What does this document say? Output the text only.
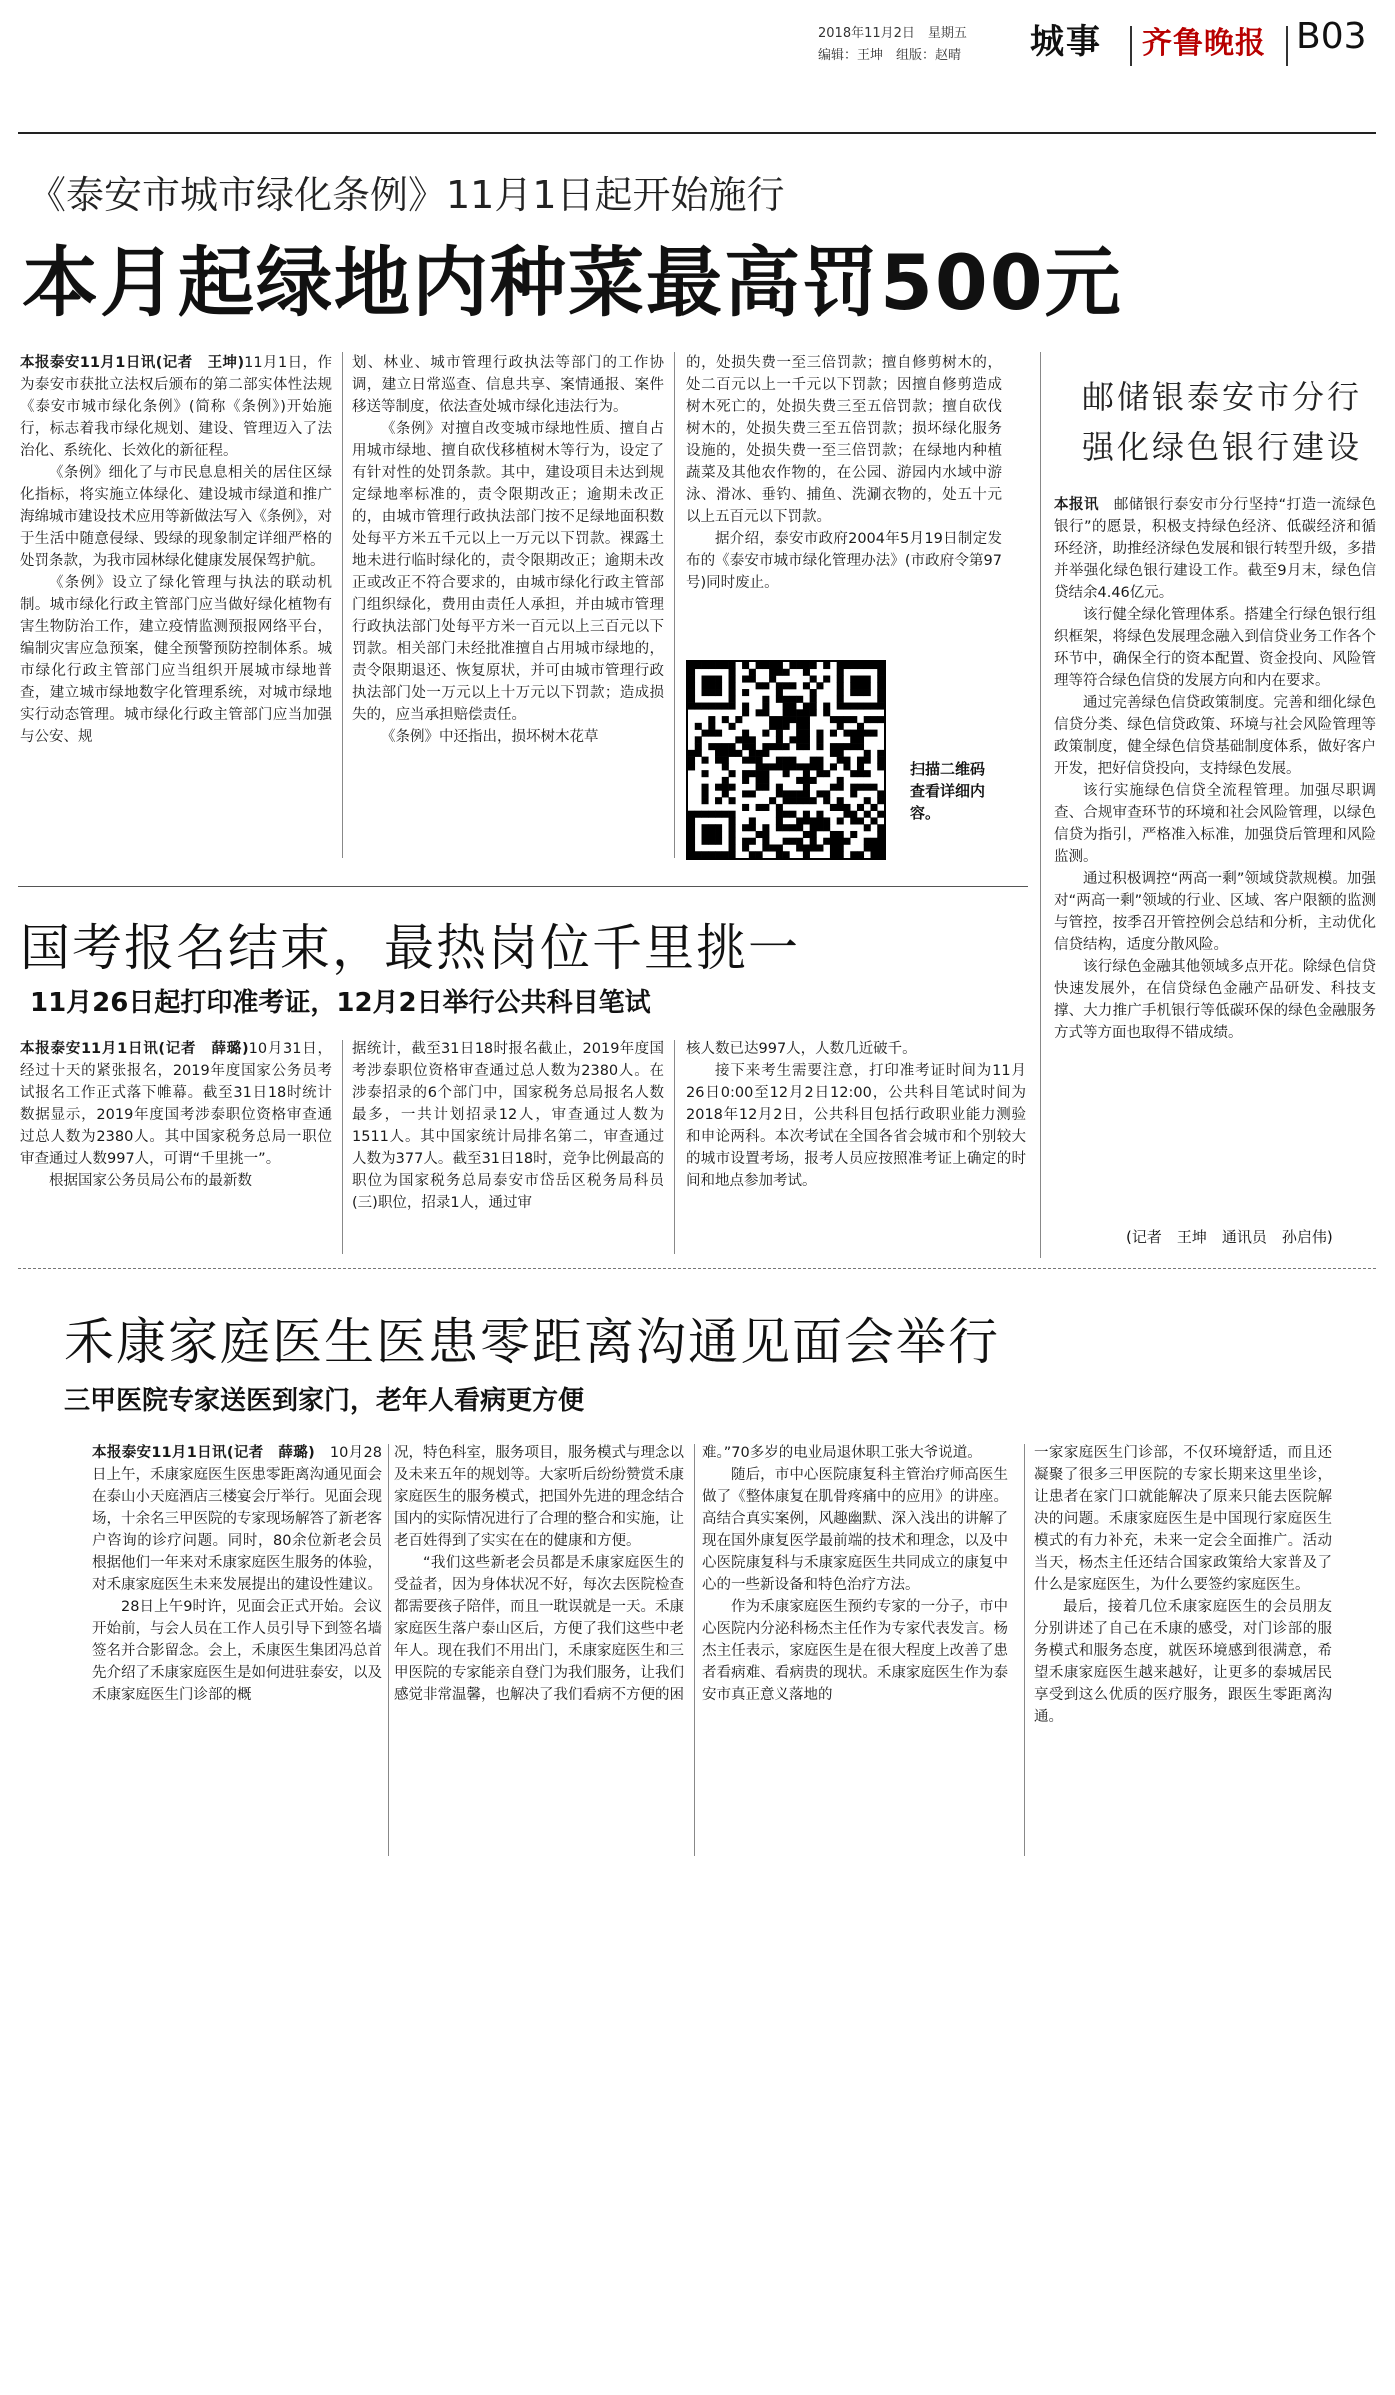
2018年11月2日　星期五
编辑：王坤　组版：赵晴 城事 齐鲁晚报 B03
《泰安市城市绿化条例》11月1日起开始施行
本月起绿地内种菜最高罚500元

本报泰安11月1日讯(记者　王坤)11月1日，作为泰安市获批立法权后颁布的第二部实体性法规《泰安市城市绿化条例》(简称《条例》)开始施行，标志着我市绿化规划、建设、管理迈入了法治化、系统化、长效化的新征程。

《条例》细化了与市民息息相关的居住区绿化指标，将实施立体绿化、建设城市绿道和推广海绵城市建设技术应用等新做法写入《条例》，对于生活中随意侵绿、毁绿的现象制定详细严格的处罚条款，为我市园林绿化健康发展保驾护航。

《条例》设立了绿化管理与执法的联动机制。城市绿化行政主管部门应当做好绿化植物有害生物防治工作，建立疫情监测预报网络平台，编制灾害应急预案，健全预警预防控制体系。城市绿化行政主管部门应当组织开展城市绿地普查，建立城市绿地数字化管理系统，对城市绿地实行动态管理。城市绿化行政主管部门应当加强与公安、规

划、林业、城市管理行政执法等部门的工作协调，建立日常巡查、信息共享、案情通报、案件移送等制度，依法查处城市绿化违法行为。

《条例》对擅自改变城市绿地性质、擅自占用城市绿地、擅自砍伐移植树木等行为，设定了有针对性的处罚条款。其中，建设项目未达到规定绿地率标准的，责令限期改正；逾期未改正的，由城市管理行政执法部门按不足绿地面积数处每平方米五千元以上一万元以下罚款。裸露土地未进行临时绿化的，责令限期改正；逾期未改正或改正不符合要求的，由城市绿化行政主管部门组织绿化，费用由责任人承担，并由城市管理行政执法部门处每平方米一百元以上三百元以下罚款。相关部门未经批准擅自占用城市绿地的，责令限期退还、恢复原状，并可由城市管理行政执法部门处一万元以上十万元以下罚款；造成损失的，应当承担赔偿责任。

《条例》中还指出，损坏树木花草

的，处损失费一至三倍罚款；擅自修剪树木的，处二百元以上一千元以下罚款；因擅自修剪造成树木死亡的，处损失费三至五倍罚款；擅自砍伐树木的，处损失费三至五倍罚款；损坏绿化服务设施的，处损失费一至三倍罚款；在绿地内种植蔬菜及其他农作物的，在公园、游园内水域中游泳、滑冰、垂钓、捕鱼、洗涮衣物的，处五十元以上五百元以下罚款。

据介绍，泰安市政府2004年5月19日制定发布的《泰安市城市绿化管理办法》(市政府令第97号)同时废止。

扫描二维码查看详细内容。
邮储银泰安市分行
强化绿色银行建设

本报讯　邮储银行泰安市分行坚持“打造一流绿色银行”的愿景，积极支持绿色经济、低碳经济和循环经济，助推经济绿色发展和银行转型升级，多措并举强化绿色银行建设工作。截至9月末，绿色信贷结余4.46亿元。

该行健全绿化管理体系。搭建全行绿色银行组织框架，将绿色发展理念融入到信贷业务工作各个环节中，确保全行的资本配置、资金投向、风险管理等符合绿色信贷的发展方向和内在要求。

通过完善绿色信贷政策制度。完善和细化绿色信贷分类、绿色信贷政策、环境与社会风险管理等政策制度，健全绿色信贷基础制度体系，做好客户开发，把好信贷投向，支持绿色发展。

该行实施绿色信贷全流程管理。加强尽职调查、合规审查环节的环境和社会风险管理，以绿色信贷为指引，严格准入标准，加强贷后管理和风险监测。

通过积极调控“两高一剩”领域贷款规模。加强对“两高一剩”领域的行业、区域、客户限额的监测与管控，按季召开管控例会总结和分析，主动优化信贷结构，适度分散风险。

该行绿色金融其他领域多点开花。除绿色信贷快速发展外，在信贷绿色金融产品研发、科技支撑、大力推广手机银行等低碳环保的绿色金融服务方式等方面也取得不错成绩。

(记者　王坤　通讯员　孙启伟)
国考报名结束，最热岗位千里挑一
11月26日起打印准考证，12月2日举行公共科目笔试

本报泰安11月1日讯(记者　薛璐)10月31日，经过十天的紧张报名，2019年度国家公务员考试报名工作正式落下帷幕。截至31日18时统计数据显示，2019年度国考涉泰职位资格审查通过总人数为2380人。其中国家税务总局一职位审查通过人数997人，可谓“千里挑一”。

根据国家公务员局公布的最新数

据统计，截至31日18时报名截止，2019年度国考涉泰职位资格审查通过总人数为2380人。在涉泰招录的6个部门中，国家税务总局报名人数最多，一共计划招录12人，审查通过人数为1511人。其中国家统计局排名第二，审查通过人数为377人。截至31日18时，竞争比例最高的职位为国家税务总局泰安市岱岳区税务局科员(三)职位，招录1人，通过审

核人数已达997人，人数几近破千。

接下来考生需要注意，打印准考证时间为11月26日0:00至12月2日12:00，公共科目笔试时间为2018年12月2日，公共科目包括行政职业能力测验和申论两科。本次考试在全国各省会城市和个别较大的城市设置考场，报考人员应按照准考证上确定的时间和地点参加考试。

禾康家庭医生医患零距离沟通见面会举行
三甲医院专家送医到家门，老年人看病更方便

本报泰安11月1日讯(记者　薛璐)　10月28日上午，禾康家庭医生医患零距离沟通见面会在泰山小天庭酒店三楼宴会厅举行。见面会现场，十余名三甲医院的专家现场解答了新老客户咨询的诊疗问题。同时，80余位新老会员根据他们一年来对禾康家庭医生服务的体验，对禾康家庭医生未来发展提出的建设性建议。

28日上午9时许，见面会正式开始。会议开始前，与会人员在工作人员引导下到签名墙签名并合影留念。会上，禾康医生集团冯总首先介绍了禾康家庭医生是如何进驻泰安，以及禾康家庭医生门诊部的概

况，特色科室，服务项目，服务模式与理念以及未来五年的规划等。大家听后纷纷赞赏禾康家庭医生的服务模式，把国外先进的理念结合国内的实际情况进行了合理的整合和实施，让老百姓得到了实实在在的健康和方便。

“我们这些新老会员都是禾康家庭医生的受益者，因为身体状况不好，每次去医院检查都需要孩子陪伴，而且一耽误就是一天。禾康家庭医生落户泰山区后，方便了我们这些中老年人。现在我们不用出门，禾康家庭医生和三甲医院的专家能亲自登门为我们服务，让我们感觉非常温馨，也解决了我们看病不方便的困

难。”70多岁的电业局退休职工张大爷说道。

随后，市中心医院康复科主管治疗师高医生做了《整体康复在肌骨疼痛中的应用》的讲座。高结合真实案例，风趣幽默、深入浅出的讲解了现在国外康复医学最前端的技术和理念，以及中心医院康复科与禾康家庭医生共同成立的康复中心的一些新设备和特色治疗方法。

作为禾康家庭医生预约专家的一分子，市中心医院内分泌科杨杰主任作为专家代表发言。杨杰主任表示，家庭医生是在很大程度上改善了患者看病难、看病贵的现状。禾康家庭医生作为泰安市真正意义落地的

一家家庭医生门诊部，不仅环境舒适，而且还凝聚了很多三甲医院的专家长期来这里坐诊，让患者在家门口就能解决了原来只能去医院解决的问题。禾康家庭医生是中国现行家庭医生模式的有力补充，未来一定会全面推广。活动当天，杨杰主任还结合国家政策给大家普及了什么是家庭医生，为什么要签约家庭医生。

最后，接着几位禾康家庭医生的会员朋友分别讲述了自己在禾康的感受，对门诊部的服务模式和服务态度，就医环境感到很满意，希望禾康家庭医生越来越好，让更多的泰城居民享受到这么优质的医疗服务，跟医生零距离沟通。
